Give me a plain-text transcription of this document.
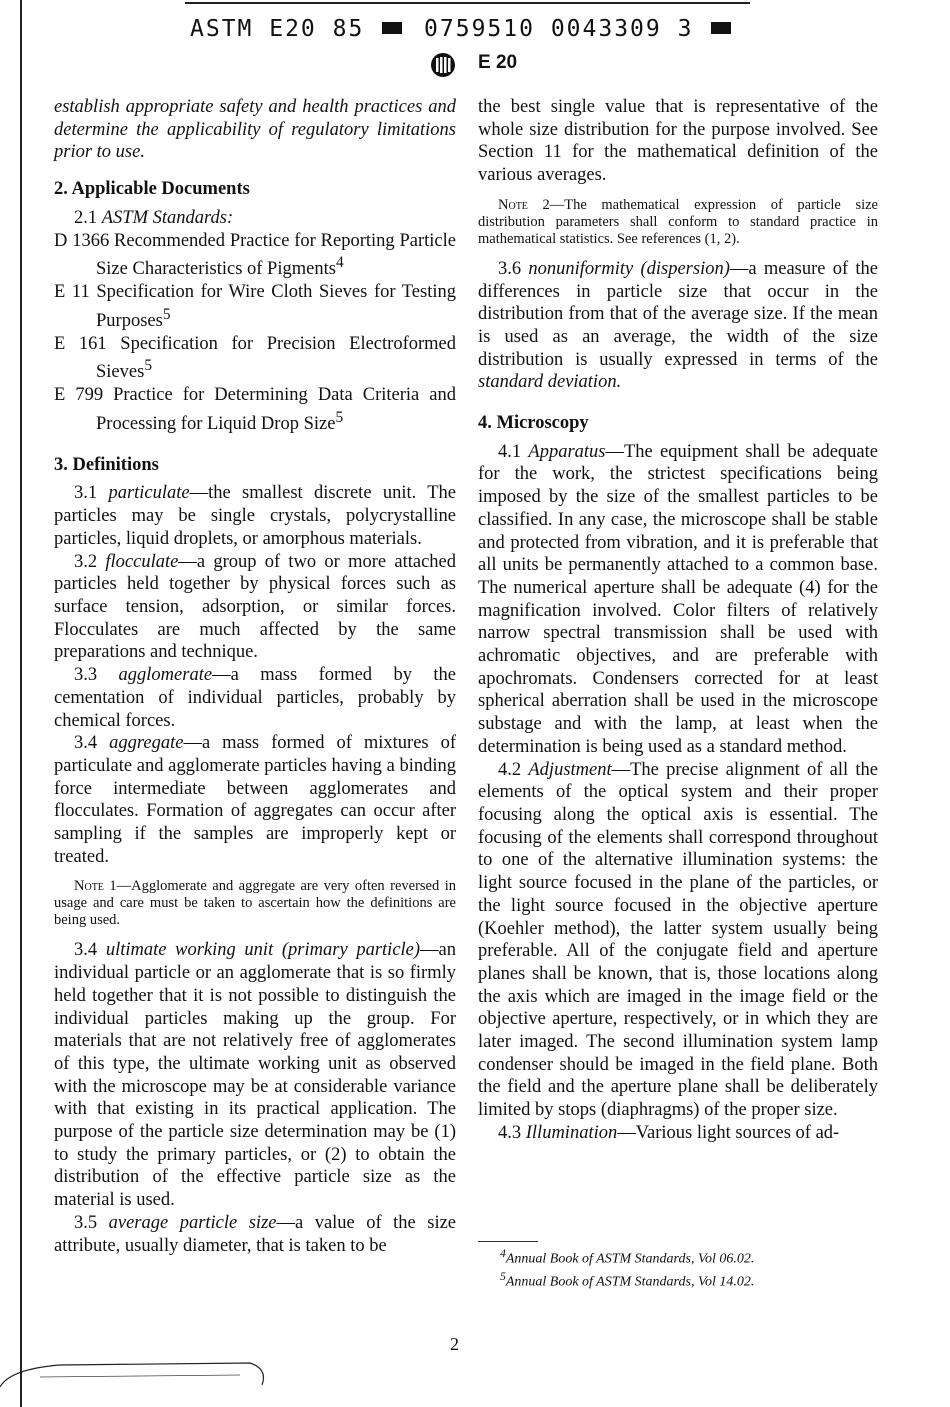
ASTM E20 85	0759510 0043309 3
E 20

establish appropriate safety and health practices and determine the applicability of regulatory limitations prior to use.

2. Applicable Documents

2.1 ASTM Standards:

D 1366 Recommended Practice for Reporting Particle Size Characteristics of Pigments$^4$

E 11 Specification for Wire Cloth Sieves for Testing Purposes$^5$

E 161 Specification for Precision Electroformed Sieves$^5$

E 799 Practice for Determining Data Criteria and Processing for Liquid Drop Size$^5$

3. Definitions

3.1 particulate—the smallest discrete unit. The particles may be single crystals, polycrystalline particles, liquid droplets, or amorphous materials.

3.2 flocculate—a group of two or more attached particles held together by physical forces such as surface tension, adsorption, or similar forces. Flocculates are much affected by the same preparations and technique.

3.3 agglomerate—a mass formed by the cementation of individual particles, probably by chemical forces.

3.4 aggregate—a mass formed of mixtures of particulate and agglomerate particles having a binding force intermediate between agglomerates and flocculates. Formation of aggregates can occur after sampling if the samples are improperly kept or treated.

Note 1—Agglomerate and aggregate are very often reversed in usage and care must be taken to ascertain how the definitions are being used.

3.4 ultimate working unit (primary particle)—an individual particle or an agglomerate that is so firmly held together that it is not possible to distinguish the individual particles making up the group. For materials that are not relatively free of agglomerates of this type, the ultimate working unit as observed with the microscope may be at considerable variance with that existing in its practical application. The purpose of the particle size determination may be (1) to study the primary particles, or (2) to obtain the distribution of the effective particle size as the material is used.

3.5 average particle size—a value of the size attribute, usually diameter, that is taken to be

the best single value that is representative of the whole size distribution for the purpose involved. See Section 11 for the mathematical definition of the various averages.

Note 2—The mathematical expression of particle size distribution parameters shall conform to standard practice in mathematical statistics. See references (1, 2).

3.6 nonuniformity (dispersion)—a measure of the differences in particle size that occur in the distribution from that of the average size. If the mean is used as an average, the width of the size distribution is usually expressed in terms of the standard deviation.

4. Microscopy

4.1 Apparatus—The equipment shall be adequate for the work, the strictest specifications being imposed by the size of the smallest particles to be classified. In any case, the microscope shall be stable and protected from vibration, and it is preferable that all units be permanently attached to a common base. The numerical aperture shall be adequate (4) for the magnification involved. Color filters of relatively narrow spectral transmission shall be used with achromatic objectives, and are preferable with apochromats. Condensers corrected for at least spherical aberration shall be used in the microscope substage and with the lamp, at least when the determination is being used as a standard method.

4.2 Adjustment—The precise alignment of all the elements of the optical system and their proper focusing along the optical axis is essential. The focusing of the elements shall correspond throughout to one of the alternative illumination systems: the light source focused in the plane of the particles, or the light source focused in the objective aperture (Koehler method), the latter system usually being preferable. All of the conjugate field and aperture planes shall be known, that is, those locations along the axis which are imaged in the image field or the objective aperture, respectively, or in which they are later imaged. The second illumination system lamp condenser should be imaged in the field plane. Both the field and the aperture plane shall be deliberately limited by stops (diaphragms) of the proper size.

4.3 Illumination—Various light sources of ad-

$^4$Annual Book of ASTM Standards, Vol 06.02.

$^5$Annual Book of ASTM Standards, Vol 14.02.

2
